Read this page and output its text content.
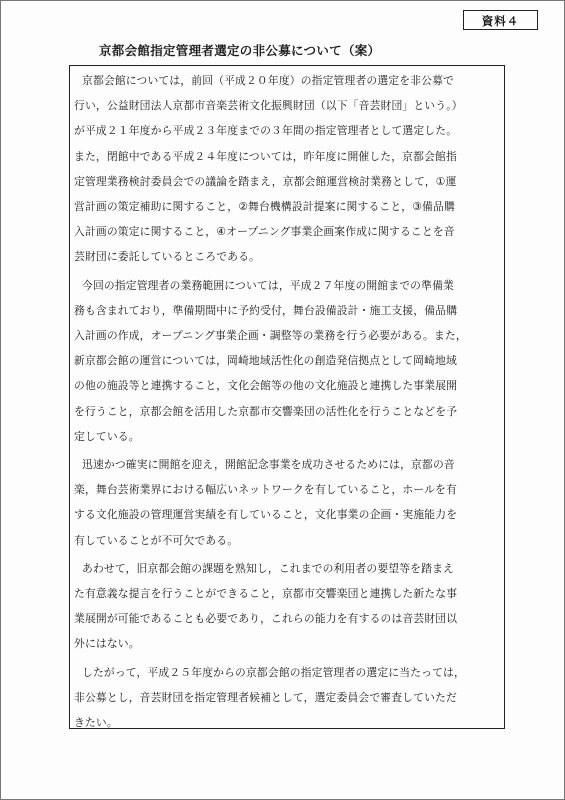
資料４
京都会館指定管理者選定の非公募について（案）
京都会館については，前回（平成２０年度）の指定管理者の選定を非公募で
行い，公益財団法人京都市音楽芸術文化振興財団（以下「音芸財団」という。）
が平成２１年度から平成２３年度までの３年間の指定管理者として選定した。
また，閉館中である平成２４年度については，昨年度に開催した，京都会館指
定管理業務検討委員会での議論を踏まえ，京都会館運営検討業務として，①運
営計画の策定補助に関すること，②舞台機構設計提案に関すること，③備品購
入計画の策定に関すること，④オープニング事業企画案作成に関することを音
芸財団に委託しているところである。
今回の指定管理者の業務範囲については，平成２７年度の開館までの準備業
務も含まれており，準備期間中に予約受付，舞台設備設計・施工支援，備品購
入計画の作成，オープニング事業企画・調整等の業務を行う必要がある。また，
新京都会館の運営については，岡崎地域活性化の創造発信拠点として岡崎地域
の他の施設等と連携すること，文化会館等の他の文化施設と連携した事業展開
を行うこと，京都会館を活用した京都市交響楽団の活性化を行うことなどを予
定している。
迅速かつ確実に開館を迎え，開館記念事業を成功させるためには，京都の音
楽，舞台芸術業界における幅広いネットワークを有していること，ホールを有
する文化施設の管理運営実績を有していること，文化事業の企画・実施能力を
有していることが不可欠である。
あわせて，旧京都会館の課題を熟知し，これまでの利用者の要望等を踏まえ
た有意義な提言を行うことができること，京都市交響楽団と連携した新たな事
業展開が可能であることも必要であり，これらの能力を有するのは音芸財団以
外にはない。
したがって，平成２５年度からの京都会館の指定管理者の選定に当たっては，
非公募とし，音芸財団を指定管理者候補として，選定委員会で審査していただ
きたい。
